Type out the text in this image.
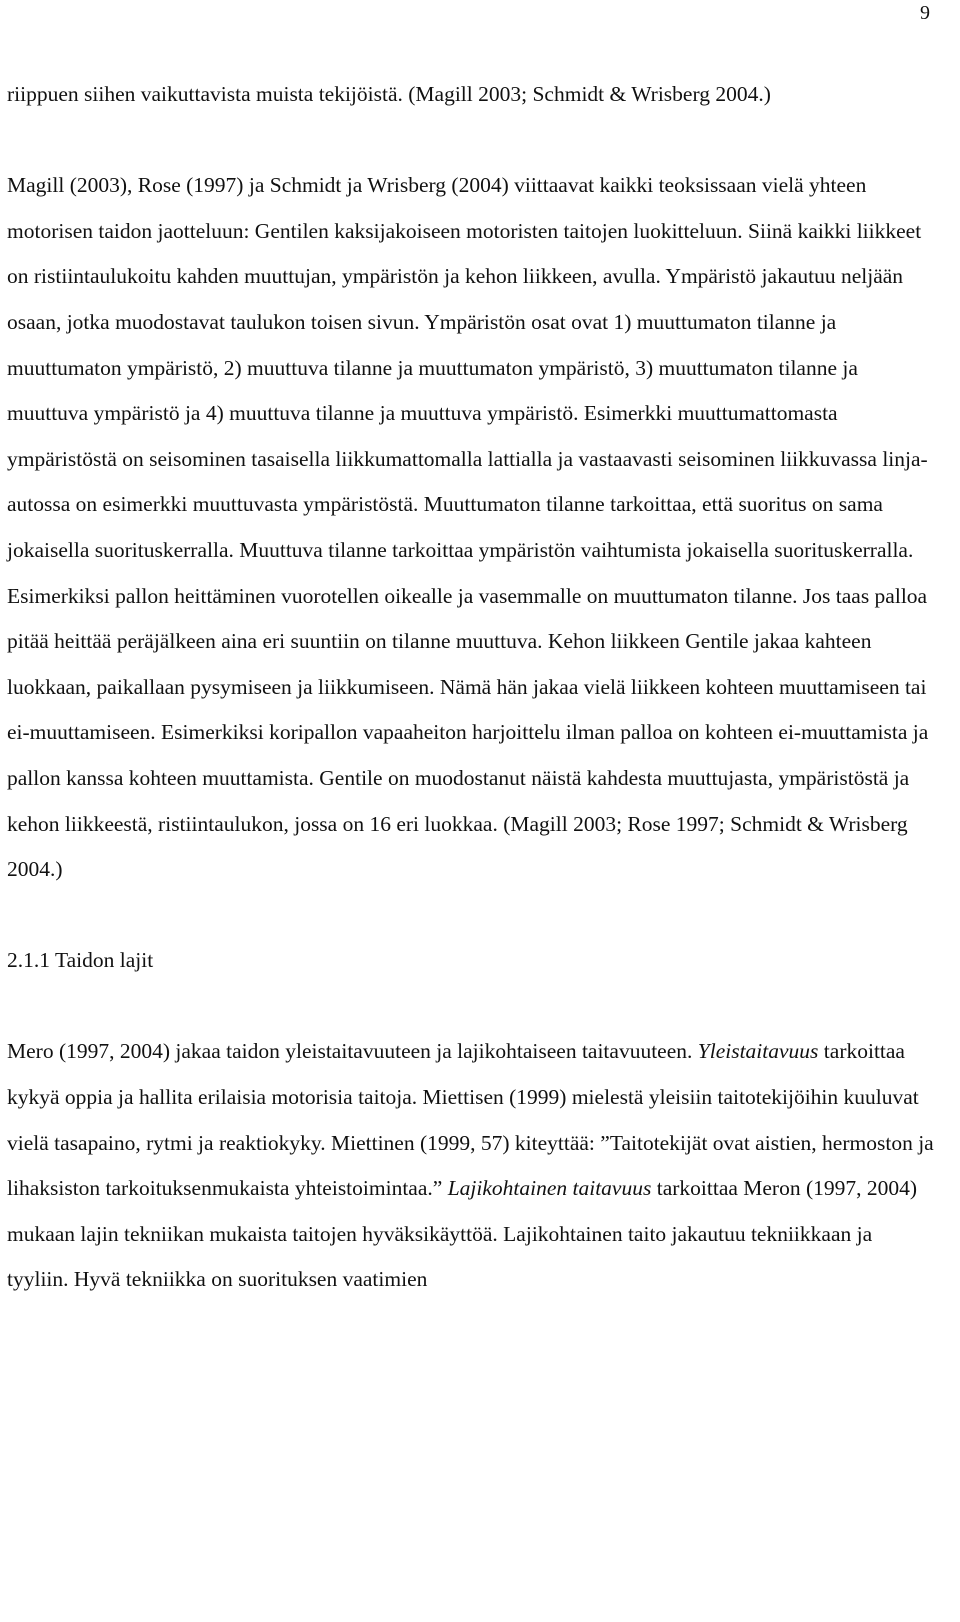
9

riippuen siihen vaikuttavista muista tekijöistä. (Magill 2003; Schmidt & Wrisberg 2004.)

Magill (2003), Rose (1997) ja Schmidt ja Wrisberg (2004) viittaavat kaikki teoksissaan vielä yhteen motorisen taidon jaotteluun: Gentilen kaksijakoiseen motoristen taitojen luokitteluun. Siinä kaikki liikkeet on ristiintaulukoitu kahden muuttujan, ympäristön ja kehon liikkeen, avulla. Ympäristö jakautuu neljään osaan, jotka muodostavat taulukon toisen sivun. Ympäristön osat ovat 1) muuttumaton tilanne ja muuttumaton ympäristö, 2) muuttuva tilanne ja muuttumaton ympäristö, 3) muuttumaton tilanne ja muuttuva ympäristö ja 4) muuttuva tilanne ja muuttuva ympäristö. Esimerkki muuttumattomasta ympäristöstä on seisominen tasaisella liikkumattomalla lattialla ja vastaavasti seisominen liikkuvassa linja-autossa on esimerkki muuttuvasta ympäristöstä. Muuttumaton tilanne tarkoittaa, että suoritus on sama jokaisella suorituskerralla. Muuttuva tilanne tarkoittaa ympäristön vaihtumista jokaisella suorituskerralla. Esimerkiksi pallon heittäminen vuorotellen oikealle ja vasemmalle on muuttumaton tilanne. Jos taas palloa pitää heittää peräjälkeen aina eri suuntiin on tilanne muuttuva. Kehon liikkeen Gentile jakaa kahteen luokkaan, paikallaan pysymiseen ja liikkumiseen. Nämä hän jakaa vielä liikkeen kohteen muuttamiseen tai ei-muuttamiseen. Esimerkiksi koripallon vapaaheiton harjoittelu ilman palloa on kohteen ei-muuttamista ja pallon kanssa kohteen muuttamista. Gentile on muodostanut näistä kahdesta muuttujasta, ympäristöstä ja kehon liikkeestä, ristiintaulukon, jossa on 16 eri luokkaa. (Magill 2003; Rose 1997; Schmidt & Wrisberg 2004.)

2.1.1 Taidon lajit

Mero (1997, 2004) jakaa taidon yleistaitavuuteen ja lajikohtaiseen taitavuuteen. Yleistaitavuus tarkoittaa kykyä oppia ja hallita erilaisia motorisia taitoja. Miettisen (1999) mielestä yleisiin taitotekijöihin kuuluvat vielä tasapaino, rytmi ja reaktiokyky. Miettinen (1999, 57) kiteyttää: ”Taitotekijät ovat aistien, hermoston ja lihaksiston tarkoituksenmukaista yhteistoimintaa.” Lajikohtainen taitavuus tarkoittaa Meron (1997, 2004) mukaan lajin tekniikan mukaista taitojen hyväksikäyttöä. Lajikohtainen taito jakautuu tekniikkaan ja tyyliin. Hyvä tekniikka on suorituksen vaatimien
